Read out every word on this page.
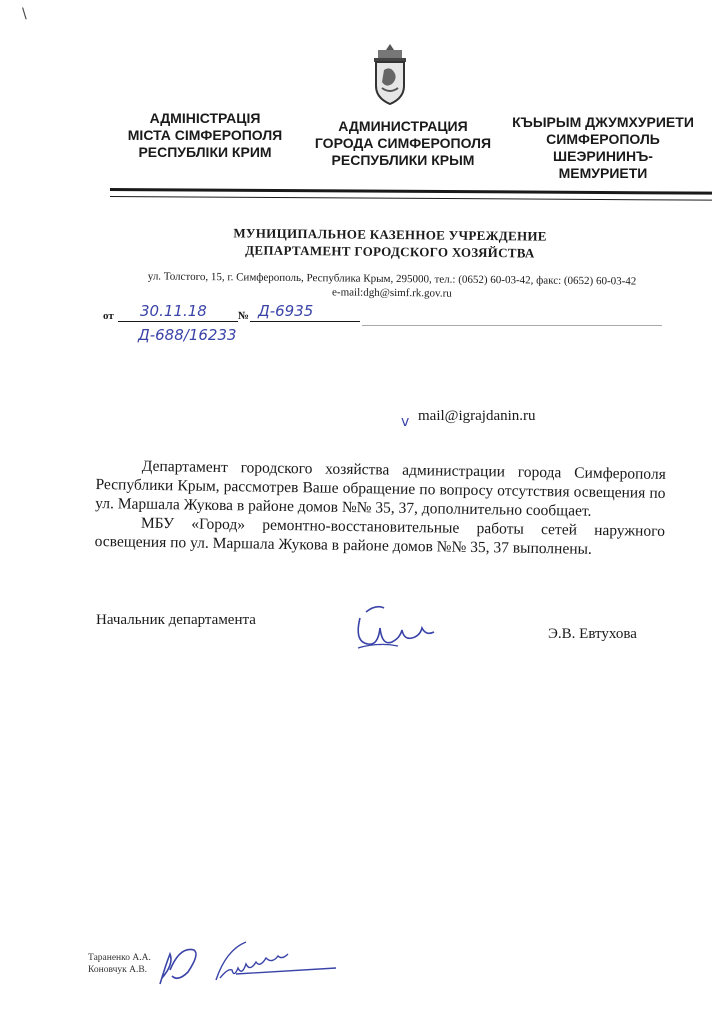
\
АДМІНІСТРАЦІЯ
МІСТА СІМФЕРОПОЛЯ
РЕСПУБЛІКИ КРИМ
АДМИНИСТРАЦИЯ
ГОРОДА СИМФЕРОПОЛЯ
РЕСПУБЛИКИ КРЫМ
КЪЫРЫМ ДЖУМХУРИЕТИ
СИМФЕРОПОЛЬ
ШЕЭРИНИНЪ-
МЕМУРИЕТИ
МУНИЦИПАЛЬНОЕ КАЗЕННОЕ УЧРЕЖДЕНИЕ
ДЕПАРТАМЕНТ ГОРОДСКОГО ХОЗЯЙСТВА
ул. Толстого, 15, г. Симферополь, Республика Крым, 295000, тел.: (0652) 60-03-42, факс: (0652) 60-03-42
e-mail:dgh@simf.rk.gov.ru
от 30.11.18	№ Д-6935
Д-688/16233
v mail@igrajdanin.ru

Департамент городского хозяйства администрации города Симферополя Республики Крым, рассмотрев Ваше обращение по вопросу отсутствия освещения по ул. Маршала Жукова в районе домов №№ 35, 37, дополнительно сообщает.

МБУ «Город» ремонтно-восстановительные работы сетей наружного освещения по ул. Маршала Жукова в районе домов №№ 35, 37 выполнены.

Начальник департамента
Э.В. Евтухова
Тараненко А.А.
Коновчук А.В.
